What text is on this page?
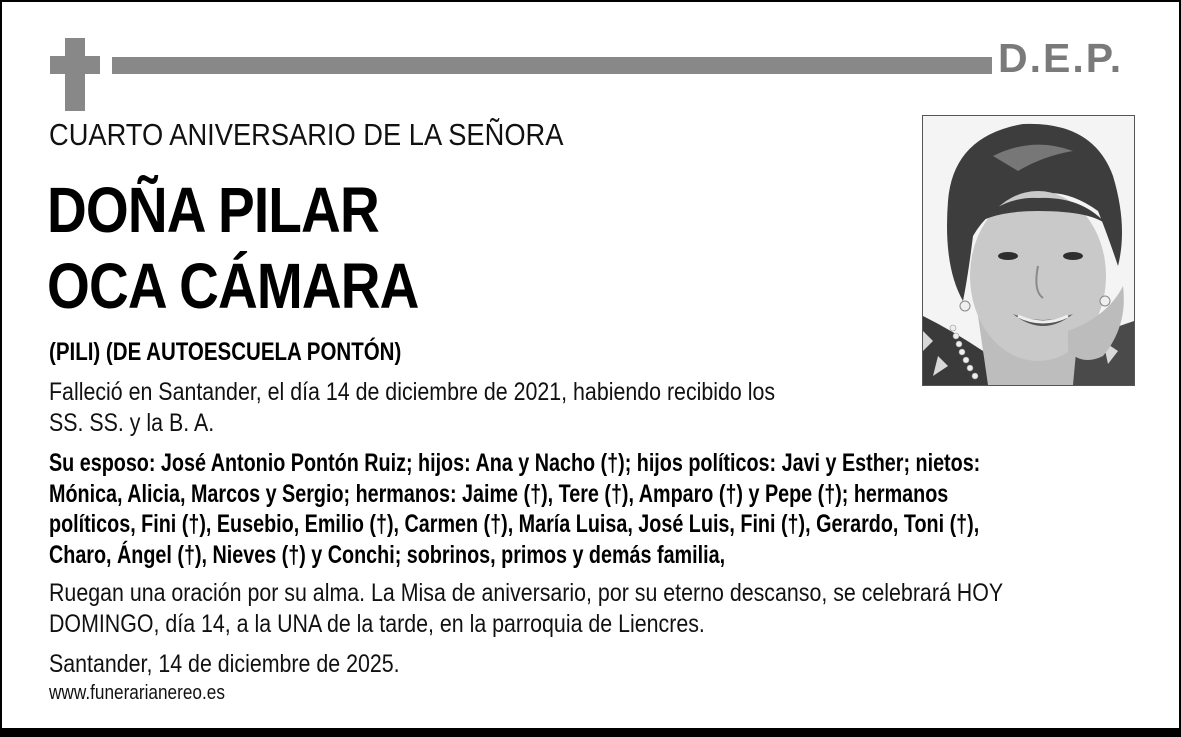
D.E.P.
CUARTO ANIVERSARIO DE LA SEÑORA
DOÑA PILAR
OCA CÁMARA
(PILI) (DE AUTOESCUELA PONTÓN)
Falleció en Santander, el día 14 de diciembre de 2021, habiendo recibido los
SS. SS. y la B. A.
Su esposo: José Antonio Pontón Ruiz; hijos: Ana y Nacho (†); hijos políticos: Javi y Esther; nietos:
Mónica, Alicia, Marcos y Sergio; hermanos: Jaime (†), Tere (†), Amparo (†) y Pepe (†); hermanos
políticos, Fini (†), Eusebio, Emilio (†), Carmen (†), María Luisa, José Luis, Fini (†), Gerardo, Toni (†),
Charo, Ángel (†), Nieves (†) y Conchi; sobrinos, primos y demás familia,
Ruegan una oración por su alma. La Misa de aniversario, por su eterno descanso, se celebrará HOY
DOMINGO, día 14, a la UNA de la tarde, en la parroquia de Liencres.
Santander, 14 de diciembre de 2025.
www.funerarianereo.es
